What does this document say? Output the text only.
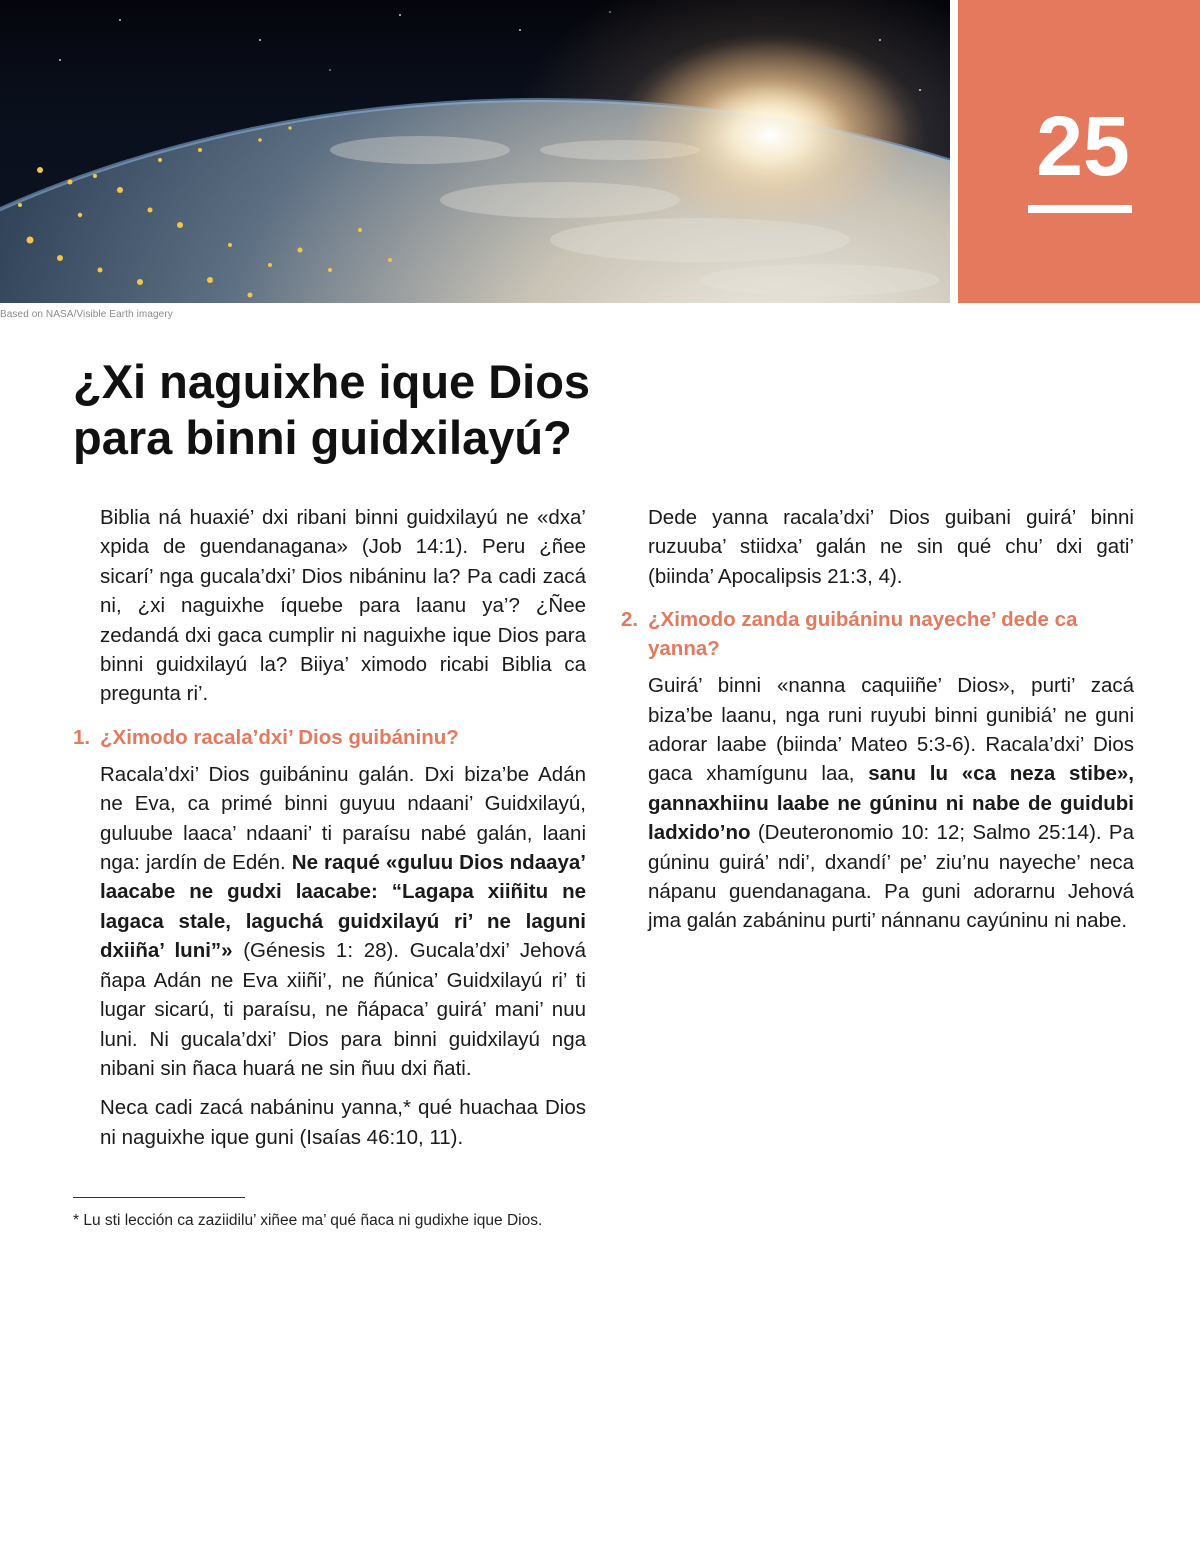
Based on NASA/Visible Earth imagery
25
¿Xi naguixhe ique Dios
para binni guidxilayú?

Biblia ná huaxié’ dxi ribani binni guidxilayú ne «dxa’ xpida de guendanagana» (Job 14:1). Peru ¿ñee sicarí’ nga gucala’dxi’ Dios nibáninu la? Pa cadi zacá ni, ¿xi naguixhe íquebe para laanu ya’? ¿Ñee zedandá dxi gaca cumplir ni naguixhe ique Dios para binni guidxilayú la? Biiya’ ximodo ricabi Biblia ca pregunta ri’.

1. ¿Ximodo racala’dxi’ Dios guibáninu?

Racala’dxi’ Dios guibáninu galán. Dxi biza’be Adán ne Eva, ca primé binni guyuu ndaani’ Guidxilayú, guluube laaca’ ndaani’ ti paraísu nabé galán, laani nga: jardín de Edén. Ne raqué «guluu Dios ndaaya’ laacabe ne gudxi laacabe: “Lagapa xiiñitu ne lagaca stale, laguchá guidxilayú ri’ ne laguni dxiiña’ luni”» (Génesis 1: 28). Gucala’dxi’ Jehová ñapa Adán ne Eva xiiñi’, ne ñúnica’ Guidxilayú ri’ ti lugar sicarú, ti paraísu, ne ñápaca’ guirá’ mani’ nuu luni. Ni gucala’dxi’ Dios para binni guidxilayú nga nibani sin ñaca huará ne sin ñuu dxi ñati.

Neca cadi zacá nabáninu yanna,* qué huachaa Dios ni naguixhe ique guni (Isaías 46:10, 11).

Dede yanna racala’dxi’ Dios guibani guirá’ binni ruzuuba’ stiidxa’ galán ne sin qué chu’ dxi gati’ (biinda’ Apocalipsis 21:3, 4).

2. ¿Ximodo zanda guibáninu nayeche’ dede ca yanna?

Guirá’ binni «nanna caquiiñe’ Dios», purti’ zacá biza’be laanu, nga runi ruyubi binni gunibiá’ ne guni adorar laabe (biinda’ Mateo 5:3-6). Racala’dxi’ Dios gaca xhamígunu laa, sanu lu «ca neza stibe», gannaxhiinu laabe ne gúninu ni nabe de guidubi ladxido’no (Deuteronomio 10: 12; Salmo 25:14). Pa gúninu guirá’ ndi’, dxandí’ pe’ ziu’nu nayeche’ neca nápanu guendanagana. Pa guni adorarnu Jehová jma galán zabáninu purti’ nánnanu cayúninu ni nabe.

* Lu sti lección ca zaziidilu’ xiñee ma’ qué ñaca ni gudixhe ique Dios.
